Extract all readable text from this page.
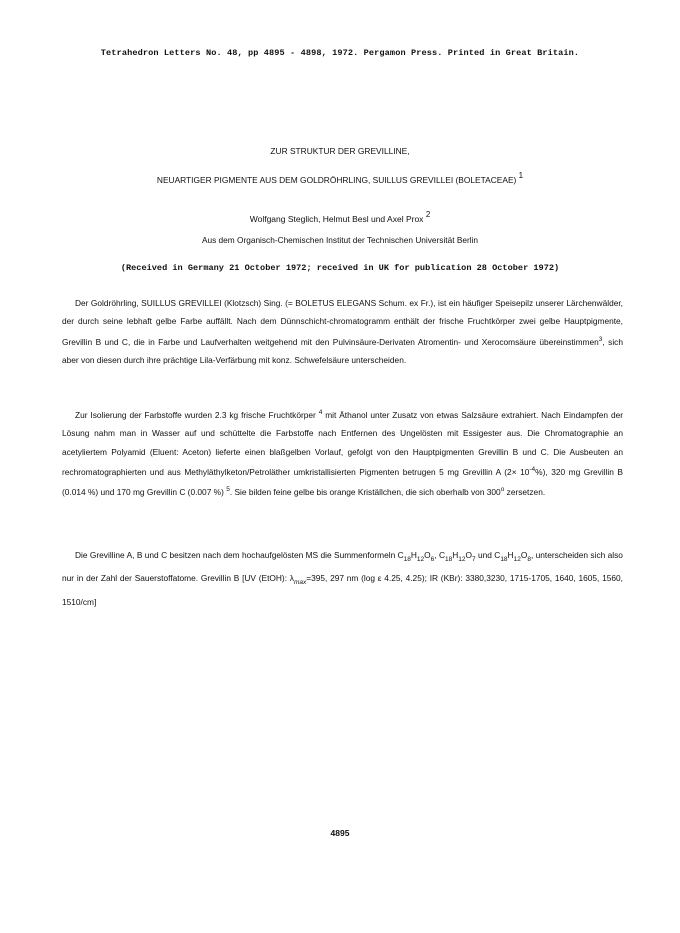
Tetrahedron Letters No. 48, pp 4895 - 4898, 1972. Pergamon Press. Printed in Great Britain.
ZUR STRUKTUR DER GREVILLINE,
NEUARTIGER PIGMENTE AUS DEM GOLDRÖHRLING, SUILLUS GREVILLEI (BOLETACEAE) 1
Wolfgang Steglich, Helmut Besl und Axel Prox 2
Aus dem Organisch-Chemischen Institut der Technischen Universität Berlin
(Received in Germany 21 October 1972; received in UK for publication 28 October 1972)

Der Goldröhrling, SUILLUS GREVILLEI (Klotzsch) Sing. (= BOLETUS ELEGANS Schum. ex Fr.), ist ein häufiger Speisepilz unserer Lärchenwälder, der durch seine lebhaft gelbe Farbe auffällt. Nach dem Dünnschicht-chromatogramm enthält der frische Fruchtkörper zwei gelbe Hauptpigmente, Grevillin B und C, die in Farbe und Laufverhalten weitgehend mit den Pulvinsäure-Derivaten Atromentin- und Xerocomsäure übereinstimmen$^3$, sich aber von diesen durch ihre prächtige Lila-Verfärbung mit konz. Schwefelsäure unterscheiden.

Zur Isolierung der Farbstoffe wurden 2.3 kg frische Fruchtkörper $^4$ mit Äthanol unter Zusatz von etwas Salzsäure extrahiert. Nach Eindampfen der Lösung nahm man in Wasser auf und schüttelte die Farbstoffe nach Entfernen des Ungelösten mit Essigester aus. Die Chromatographie an acetyliertem Polyamid (Eluent: Aceton) lieferte einen blaßgelben Vorlauf, gefolgt von den Hauptpigmenten Grevillin B und C. Die Ausbeuten an rechromatographierten und aus Methyläthylketon/Petroläther umkristallisierten Pigmenten betrugen 5 mg Grevillin A $(2\times 10^{-4}\%)$, 320 mg Grevillin B (0.014 %) und 170 mg Grevillin C (0.007 %) $^5$. Sie bilden feine gelbe bis orange Kriställchen, die sich oberhalb von 300$^o$ zersetzen.

Die Grevilline A, B und C besitzen nach dem hochaufgelösten MS die Summenformeln $C_{18}H_{12}O_6$, $C_{18}H_{12}O_7$ und $C_{18}H_{12}O_8$, unterscheiden sich also nur in der Zahl der Sauerstoffatome. Grevillin B [UV (EtOH): $\lambda_{max}=395$, 297 nm (log ε 4.25, 4.25); IR (KBr): 3380,3230, 1715-1705, 1640, 1605, 1560, 1510/cm]

4895
